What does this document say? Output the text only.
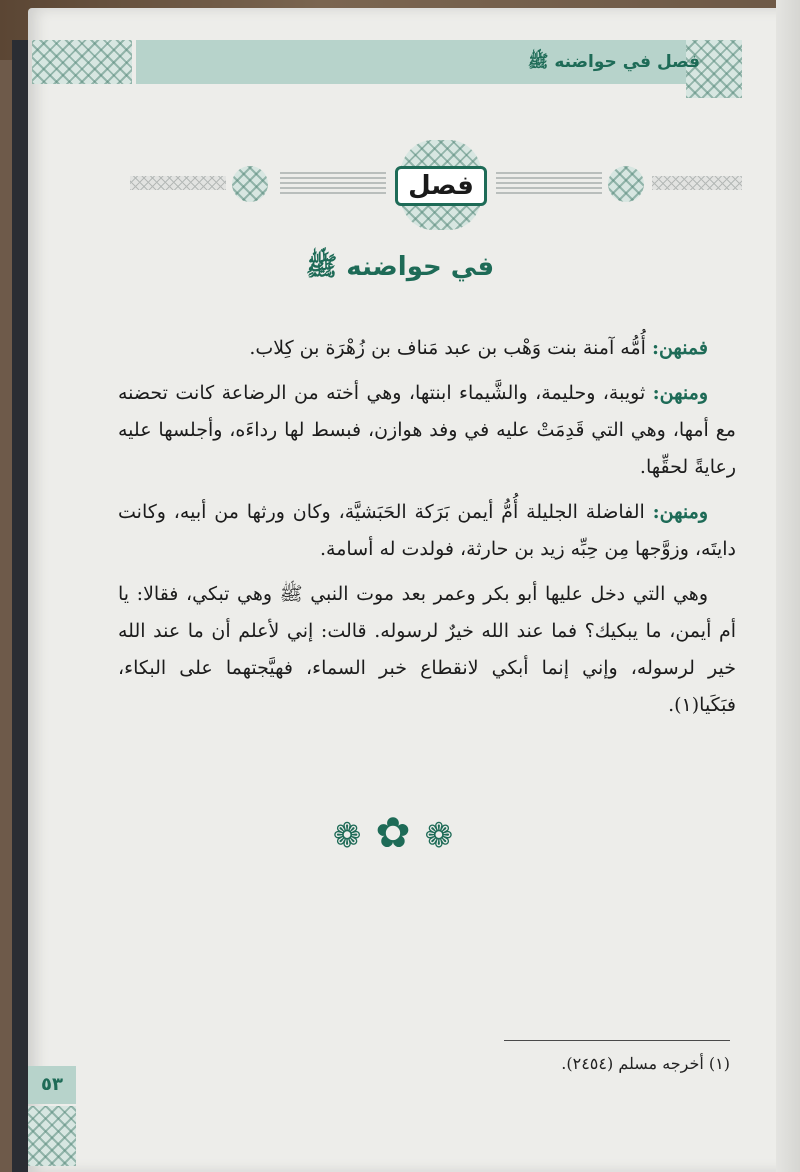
فصل في حواضنه ﷺ
فصل
في حواضنه ﷺ

فمنهن: أُمُّه آمنة بنت وَهْب بن عبد مَناف بن زُهْرَة بن كِلاب.

ومنهن: ثويبة، وحليمة، والشَّيماء ابنتها، وهي أخته من الرضاعة كانت تحضنه مع أمها، وهي التي قَدِمَتْ عليه في وفد هوازن، فبسط لها رداءَه، وأجلسها عليه رعايةً لحقِّها.

ومنهن: الفاضلة الجليلة أُمُّ أيمن بَرَكة الحَبَشيَّة، وكان ورثها من أبيه، وكانت دايتَه، وزوَّجها مِن حِبِّه زيد بن حارثة، فولدت له أسامة.

وهي التي دخل عليها أبو بكر وعمر بعد موت النبي ﷺ وهي تبكي، فقالا: يا أم أيمن، ما يبكيك؟ فما عند الله خيرٌ لرسوله. قالت: إني لأعلم أن ما عند الله خير لرسوله، وإني إنما أبكي لانقطاع خبر السماء، فهيَّجتهما على البكاء، فبَكَيا(١).

❁✿❁
(١) أخرجه مسلم (٢٤٥٤).
٥٣
